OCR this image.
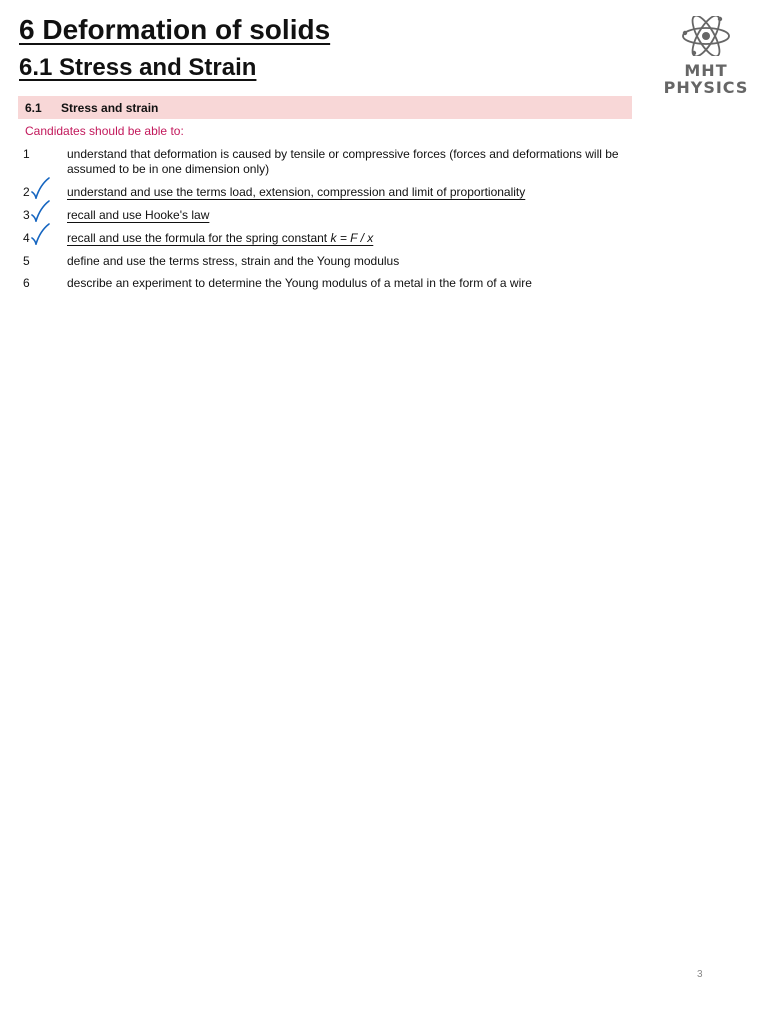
6 Deformation of solids
6.1 Stress and Strain	MHT
PHYSICS
6.1 Stress and strain
Candidates should be able to:
1	understand that deformation is caused by tensile or compressive forces (forces and deformations will be assumed to be in one dimension only)
2	understand and use the terms load, extension, compression and limit of proportionality
3	recall and use Hooke's law
4	recall and use the formula for the spring constant k = F / x
5	define and use the terms stress, strain and the Young modulus
6	describe an experiment to determine the Young modulus of a metal in the form of a wire
3
